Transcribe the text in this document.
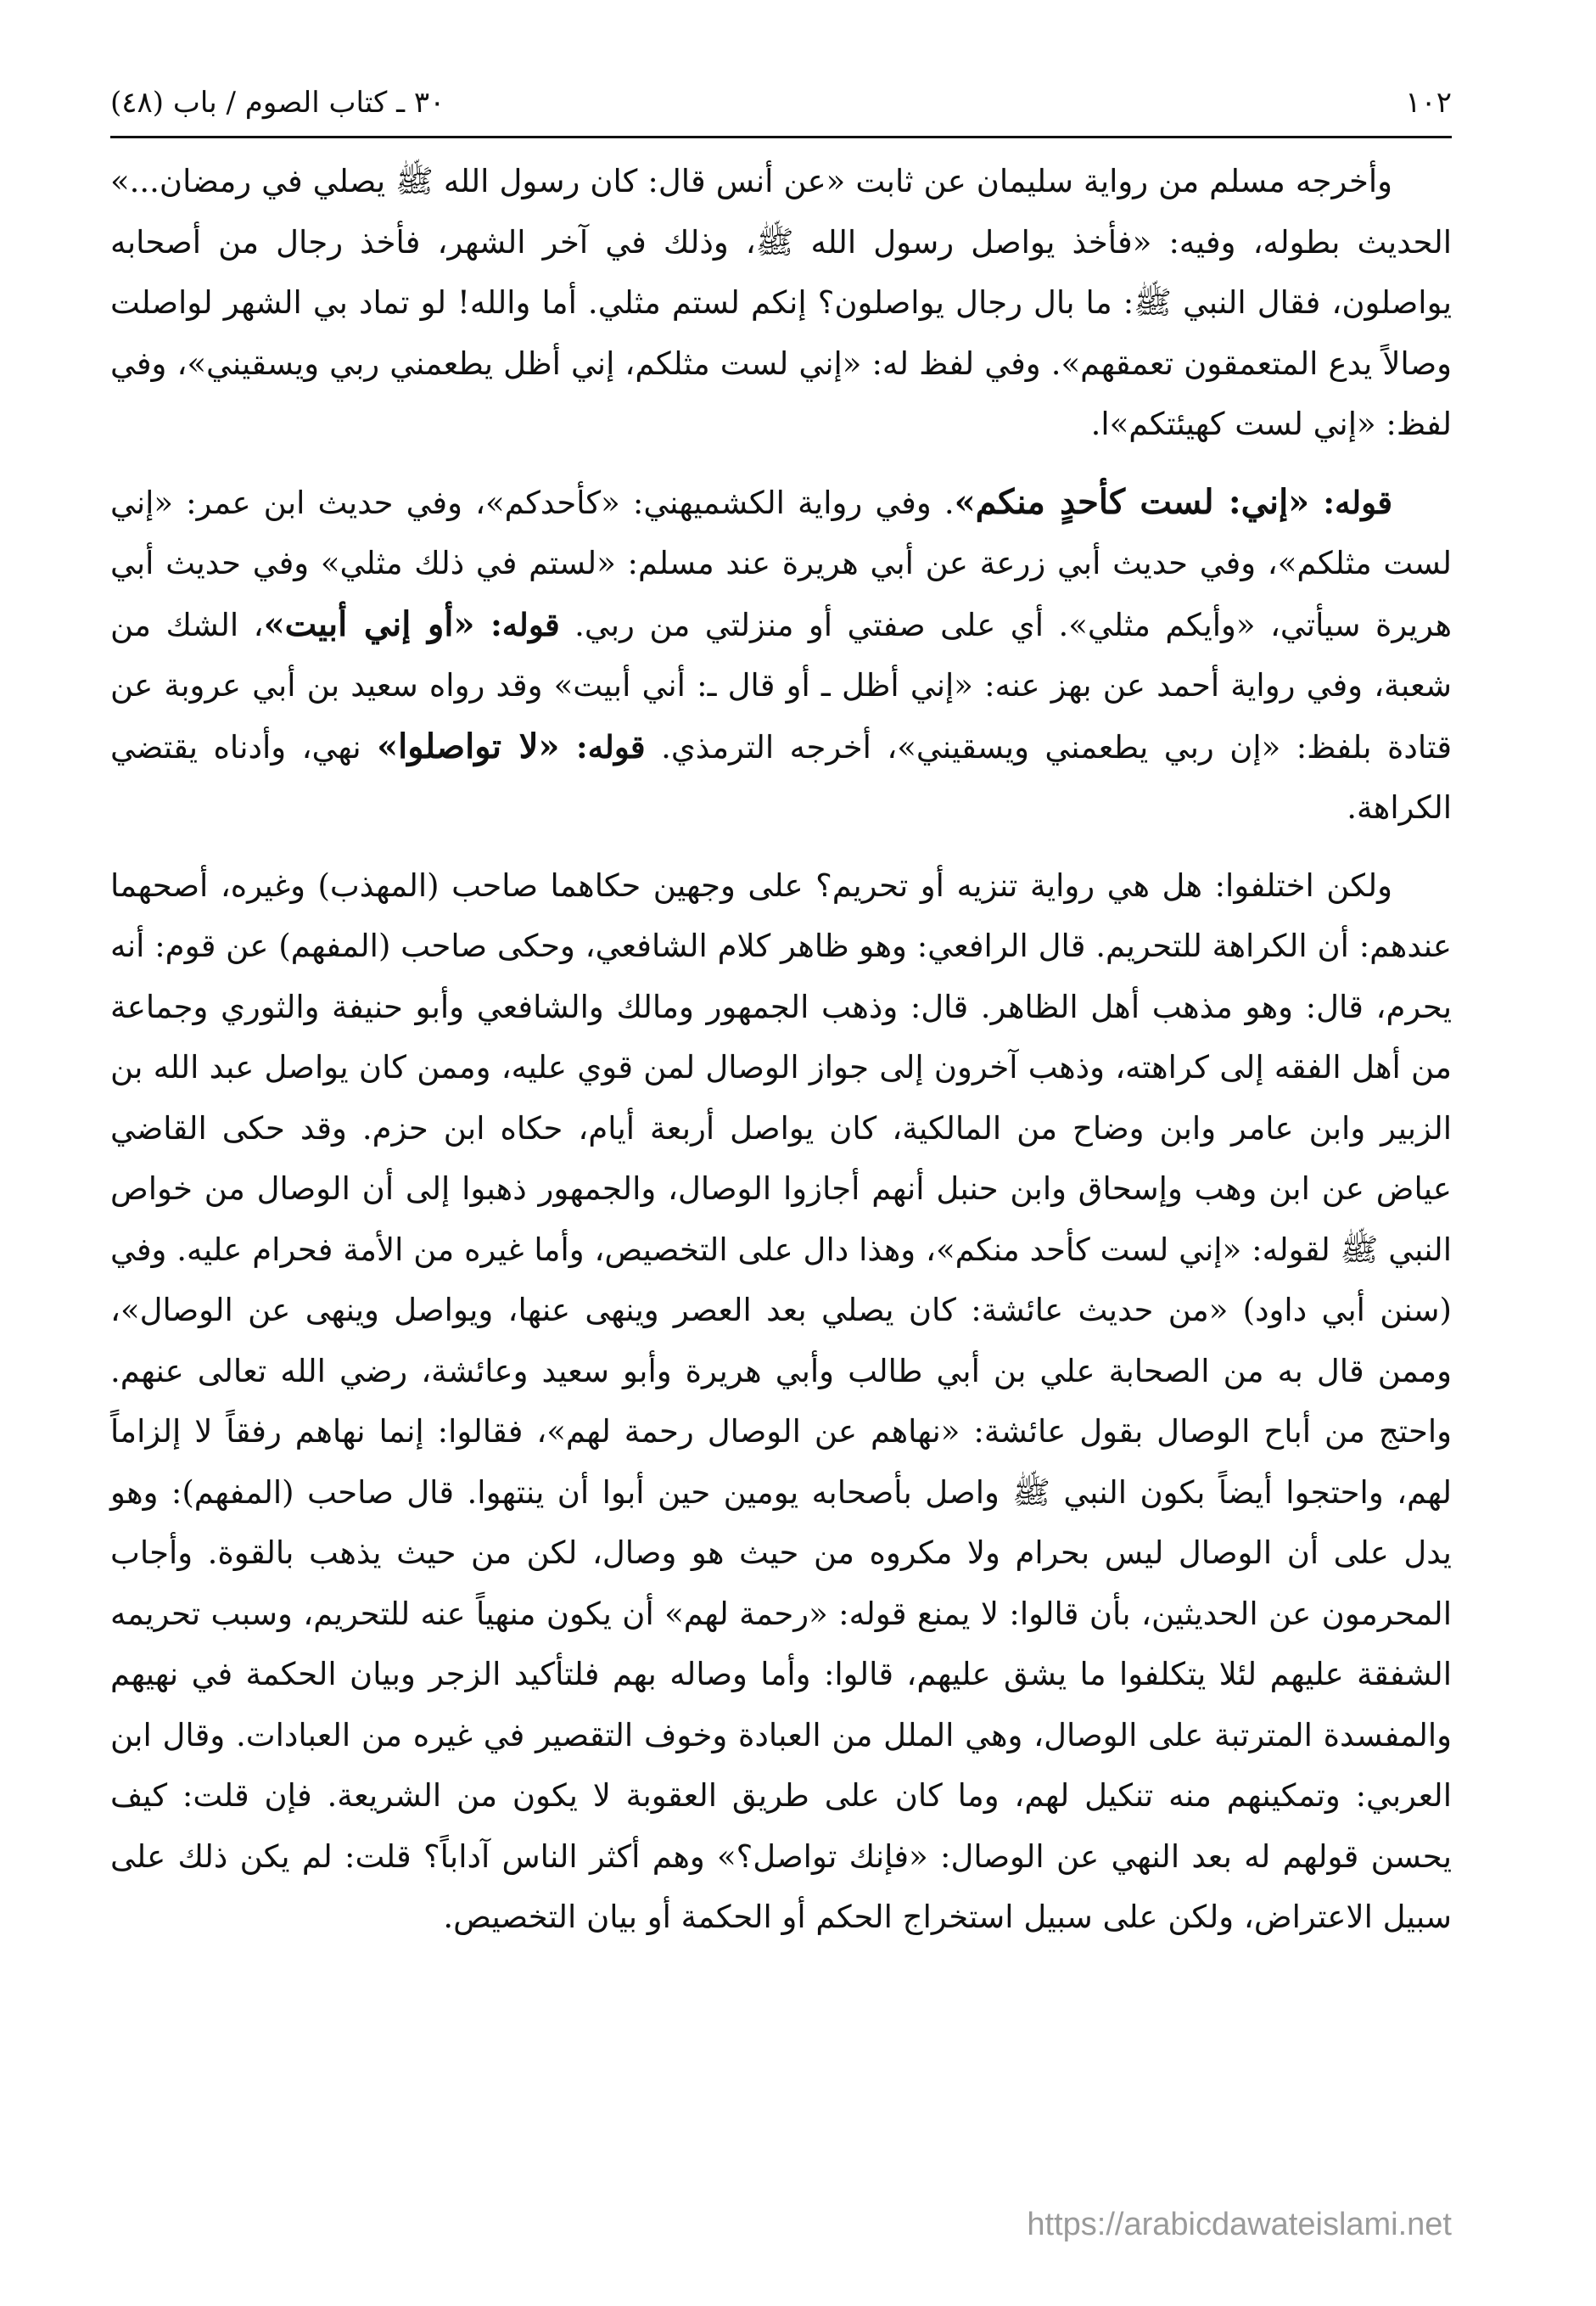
١٠٢
٣٠ ـ كتاب الصوم / باب (٤٨)

وأخرجه مسلم من رواية سليمان عن ثابت «عن أنس قال: كان رسول الله ﷺ يصلي في رمضان...» الحديث بطوله، وفيه: «فأخذ يواصل رسول الله ﷺ، وذلك في آخر الشهر، فأخذ رجال من أصحابه يواصلون، فقال النبي ﷺ: ما بال رجال يواصلون؟ إنكم لستم مثلي. أما والله! لو تماد بي الشهر لواصلت وصالاً يدع المتعمقون تعمقهم». وفي لفظ له: «إني لست مثلكم، إني أظل يطعمني ربي ويسقيني»، وفي لفظ: «إني لست كهيئتكم»ا.

قوله: «إني: لست كأحدٍ منكم». وفي رواية الكشميهني: «كأحدكم»، وفي حديث ابن عمر: «إني لست مثلكم»، وفي حديث أبي زرعة عن أبي هريرة عند مسلم: «لستم في ذلك مثلي» وفي حديث أبي هريرة سيأتي، «وأيكم مثلي». أي على صفتي أو منزلتي من ربي. قوله: «أو إني أبيت»، الشك من شعبة، وفي رواية أحمد عن بهز عنه: «إني أظل ـ أو قال ـ: أني أبيت» وقد رواه سعيد بن أبي عروبة عن قتادة بلفظ: «إن ربي يطعمني ويسقيني»، أخرجه الترمذي. قوله: «لا تواصلوا» نهي، وأدناه يقتضي الكراهة.

ولكن اختلفوا: هل هي رواية تنزيه أو تحريم؟ على وجهين حكاهما صاحب (المهذب) وغيره، أصحهما عندهم: أن الكراهة للتحريم. قال الرافعي: وهو ظاهر كلام الشافعي، وحكى صاحب (المفهم) عن قوم: أنه يحرم، قال: وهو مذهب أهل الظاهر. قال: وذهب الجمهور ومالك والشافعي وأبو حنيفة والثوري وجماعة من أهل الفقه إلى كراهته، وذهب آخرون إلى جواز الوصال لمن قوي عليه، وممن كان يواصل عبد الله بن الزبير وابن عامر وابن وضاح من المالكية، كان يواصل أربعة أيام، حكاه ابن حزم. وقد حكى القاضي عياض عن ابن وهب وإسحاق وابن حنبل أنهم أجازوا الوصال، والجمهور ذهبوا إلى أن الوصال من خواص النبي ﷺ لقوله: «إني لست كأحد منكم»، وهذا دال على التخصيص، وأما غيره من الأمة فحرام عليه. وفي (سنن أبي داود) «من حديث عائشة: كان يصلي بعد العصر وينهى عنها، ويواصل وينهى عن الوصال»، وممن قال به من الصحابة علي بن أبي طالب وأبي هريرة وأبو سعيد وعائشة، رضي الله تعالى عنهم. واحتج من أباح الوصال بقول عائشة: «نهاهم عن الوصال رحمة لهم»، فقالوا: إنما نهاهم رفقاً لا إلزاماً لهم، واحتجوا أيضاً بكون النبي ﷺ واصل بأصحابه يومين حين أبوا أن ينتهوا. قال صاحب (المفهم): وهو يدل على أن الوصال ليس بحرام ولا مكروه من حيث هو وصال، لكن من حيث يذهب بالقوة. وأجاب المحرمون عن الحديثين، بأن قالوا: لا يمنع قوله: «رحمة لهم» أن يكون منهياً عنه للتحريم، وسبب تحريمه الشفقة عليهم لئلا يتكلفوا ما يشق عليهم، قالوا: وأما وصاله بهم فلتأكيد الزجر وبيان الحكمة في نهيهم والمفسدة المترتبة على الوصال، وهي الملل من العبادة وخوف التقصير في غيره من العبادات. وقال ابن العربي: وتمكينهم منه تنكيل لهم، وما كان على طريق العقوبة لا يكون من الشريعة. فإن قلت: كيف يحسن قولهم له بعد النهي عن الوصال: «فإنك تواصل؟» وهم أكثر الناس آداباً؟ قلت: لم يكن ذلك على سبيل الاعتراض، ولكن على سبيل استخراج الحكم أو الحكمة أو بيان التخصيص.

https://arabicdawateislami.net
